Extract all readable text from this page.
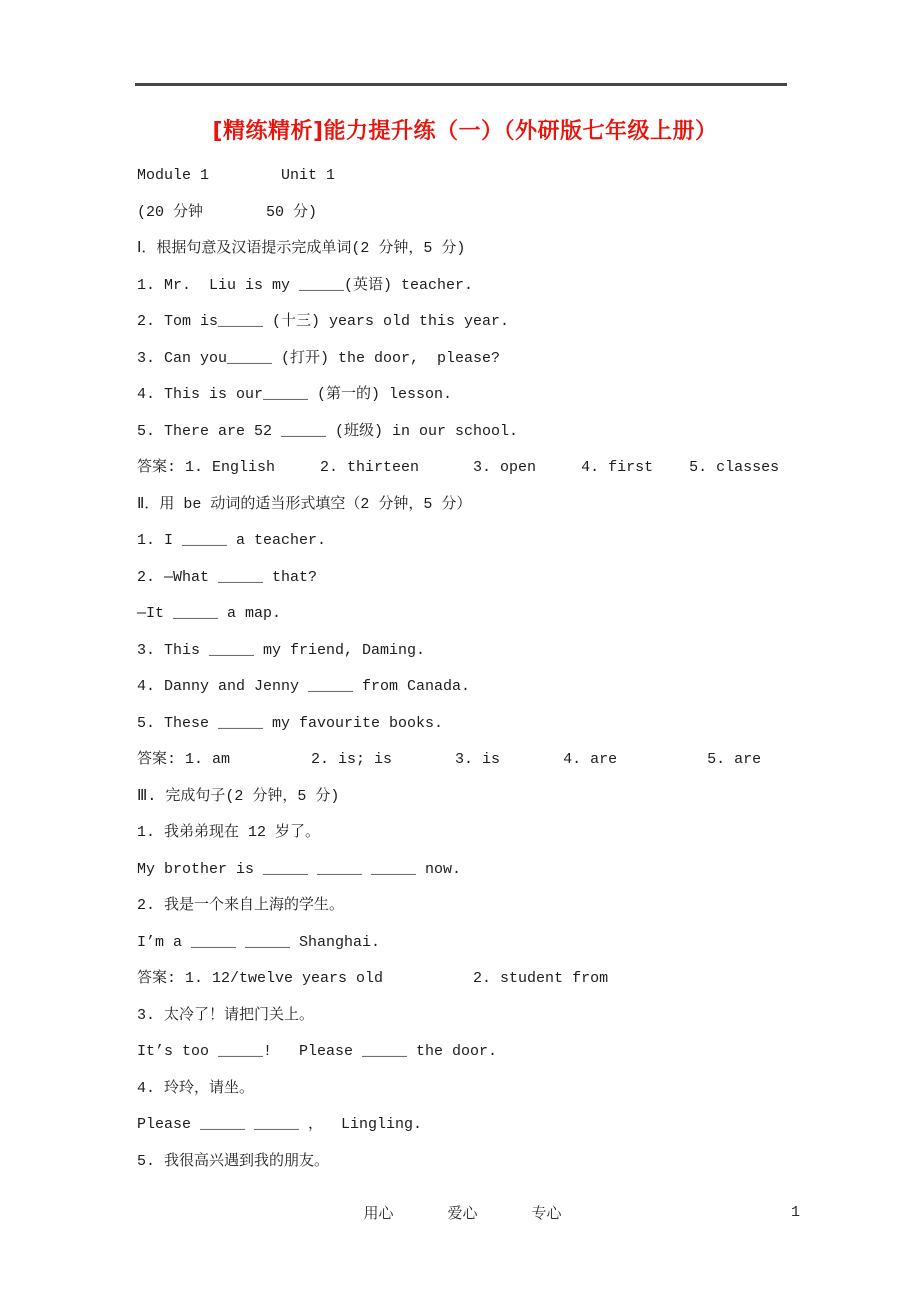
[精练精析]能力提升练（一）（外研版七年级上册）

Module 1        Unit 1

(20 分钟       50 分)

Ⅰ．根据句意及汉语提示完成单词(2 分钟，5 分)

1. Mr.  Liu is my _____(英语) teacher.

2. Tom is_____ (十三) years old this year.

3. Can you_____ (打开) the door,  please?

4. This is our_____ (第一的) lesson.

5. There are 52 _____ (班级) in our school.

答案: 1. English     2. thirteen      3. open     4. first    5. classes

Ⅱ．用 be 动词的适当形式填空（2 分钟，5 分）

1. I _____ a teacher.

2. —What _____ that?

—It _____ a map.

3. This _____ my friend, Daming.

4. Danny and Jenny _____ from Canada.

5. These _____ my favourite books.

答案: 1. am         2. is; is       3. is       4. are          5. are

Ⅲ. 完成句子(2 分钟，5 分)

1. 我弟弟现在 12 岁了。

My brother is _____ _____ _____ now.

2. 我是一个来自上海的学生。

I’m a _____ _____ Shanghai.

答案: 1. 12/twelve years old          2. student from

3. 太冷了！请把门关上。

It’s too _____!   Please _____ the door.

4. 玲玲，请坐。

Please _____ _____ ，  Lingling.

5. 我很高兴遇到我的朋友。

用心      爱心      专心	1
